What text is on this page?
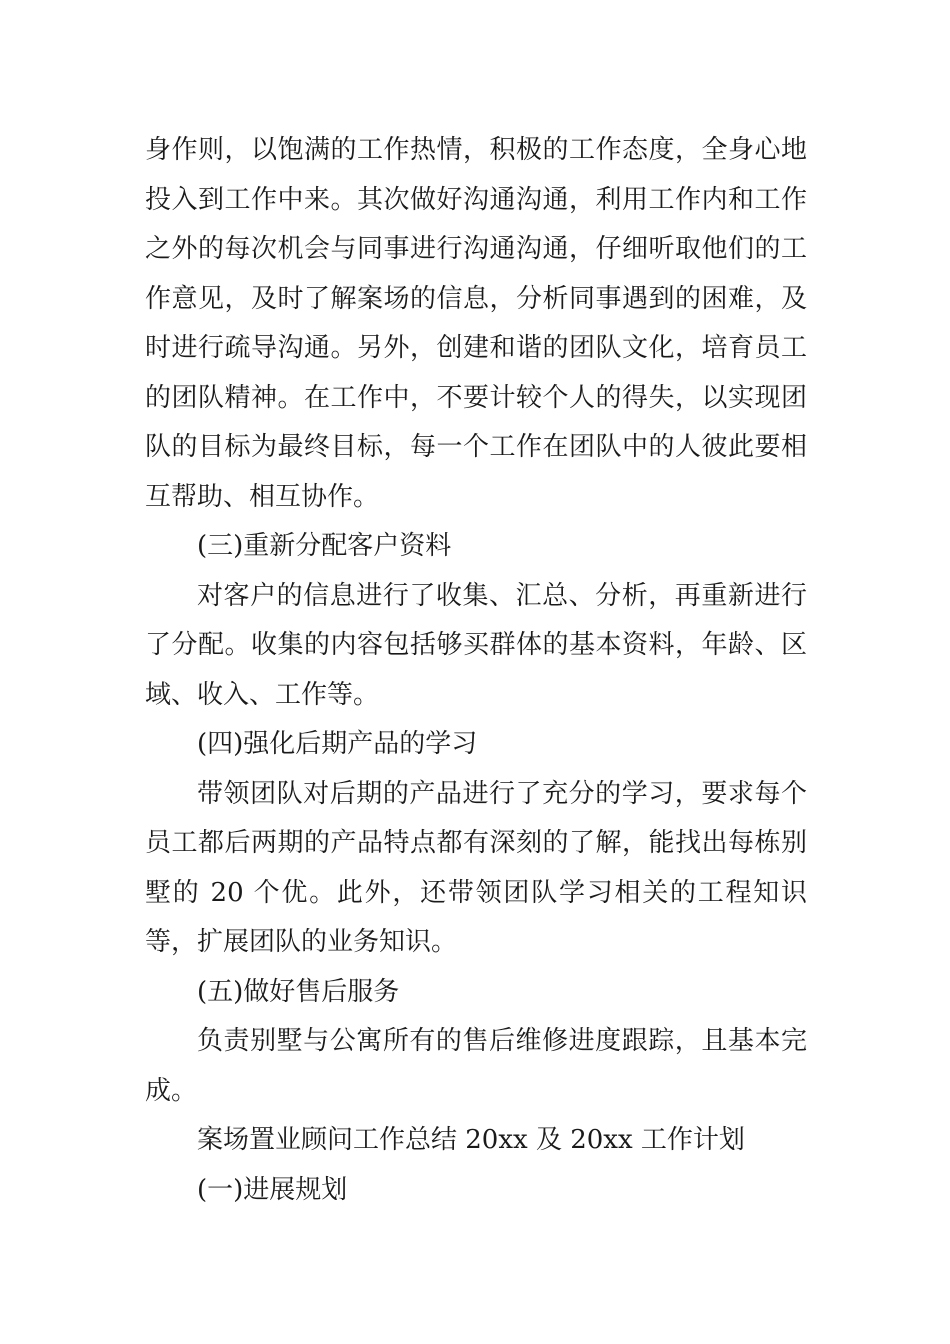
身作则，以饱满的工作热情，积极的工作态度，全身心地投入到工作中来。其次做好沟通沟通，利用工作内和工作之外的每次机会与同事进行沟通沟通，仔细听取他们的工作意见，及时了解案场的信息，分析同事遇到的困难，及时进行疏导沟通。另外，创建和谐的团队文化，培育员工的团队精神。在工作中，不要计较个人的得失，以实现团队的目标为最终目标，每一个工作在团队中的人彼此要相互帮助、相互协作。

(三)重新分配客户资料

对客户的信息进行了收集、汇总、分析，再重新进行了分配。收集的内容包括够买群体的基本资料，年龄、区域、收入、工作等。

(四)强化后期产品的学习

带领团队对后期的产品进行了充分的学习，要求每个员工都后两期的产品特点都有深刻的了解，能找出每栋别墅的 20 个优。此外，还带领团队学习相关的工程知识等，扩展团队的业务知识。

(五)做好售后服务

负责别墅与公寓所有的售后维修进度跟踪，且基本完成。

案场置业顾问工作总结 20xx 及 20xx 工作计划

(一)进展规划
